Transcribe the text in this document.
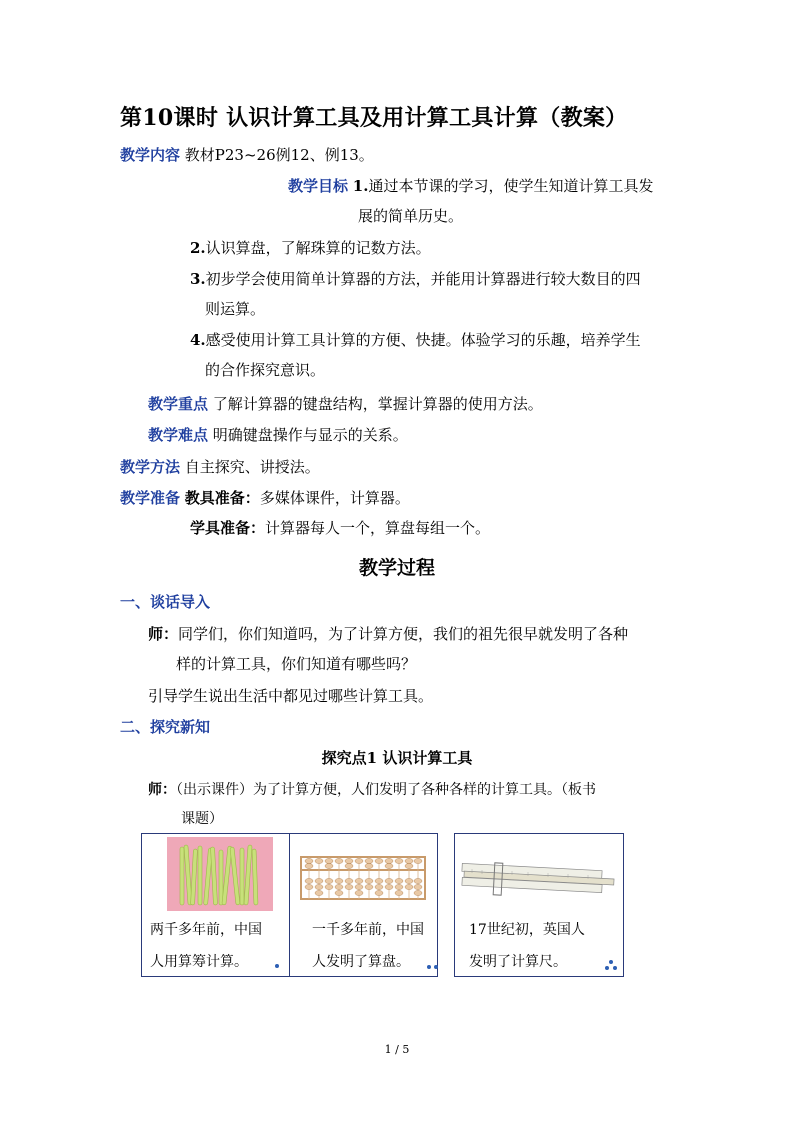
第10课时 认识计算工具及用计算工具计算（教案）
教学内容 教材P23~26例12、例13。
教学目标 1.通过本节课的学习，使学生知道计算工具发
展的简单历史。
2.认识算盘，了解珠算的记数方法。
3.初步学会使用简单计算器的方法，并能用计算器进行较大数目的四
则运算。
4.感受使用计算工具计算的方便、快捷。体验学习的乐趣，培养学生
的合作探究意识。
教学重点 了解计算器的键盘结构，掌握计算器的使用方法。
教学难点 明确键盘操作与显示的关系。
教学方法 自主探究、讲授法。
教学准备 教具准备：多媒体课件，计算器。
学具准备：计算器每人一个，算盘每组一个。
教学过程
一、谈话导入
师：同学们，你们知道吗，为了计算方便，我们的祖先很早就发明了各种
样的计算工具，你们知道有哪些吗？
引导学生说出生活中都见过哪些计算工具。
二、探究新知
探究点1 认识计算工具
师：（出示课件）为了计算方便，人们发明了各种各样的计算工具。（板书
课题）
两千多年前，中国
人用算筹计算。
一千多年前，中国
人发明了算盘。
17世纪初，英国人
发明了计算尺。
1 / 5
